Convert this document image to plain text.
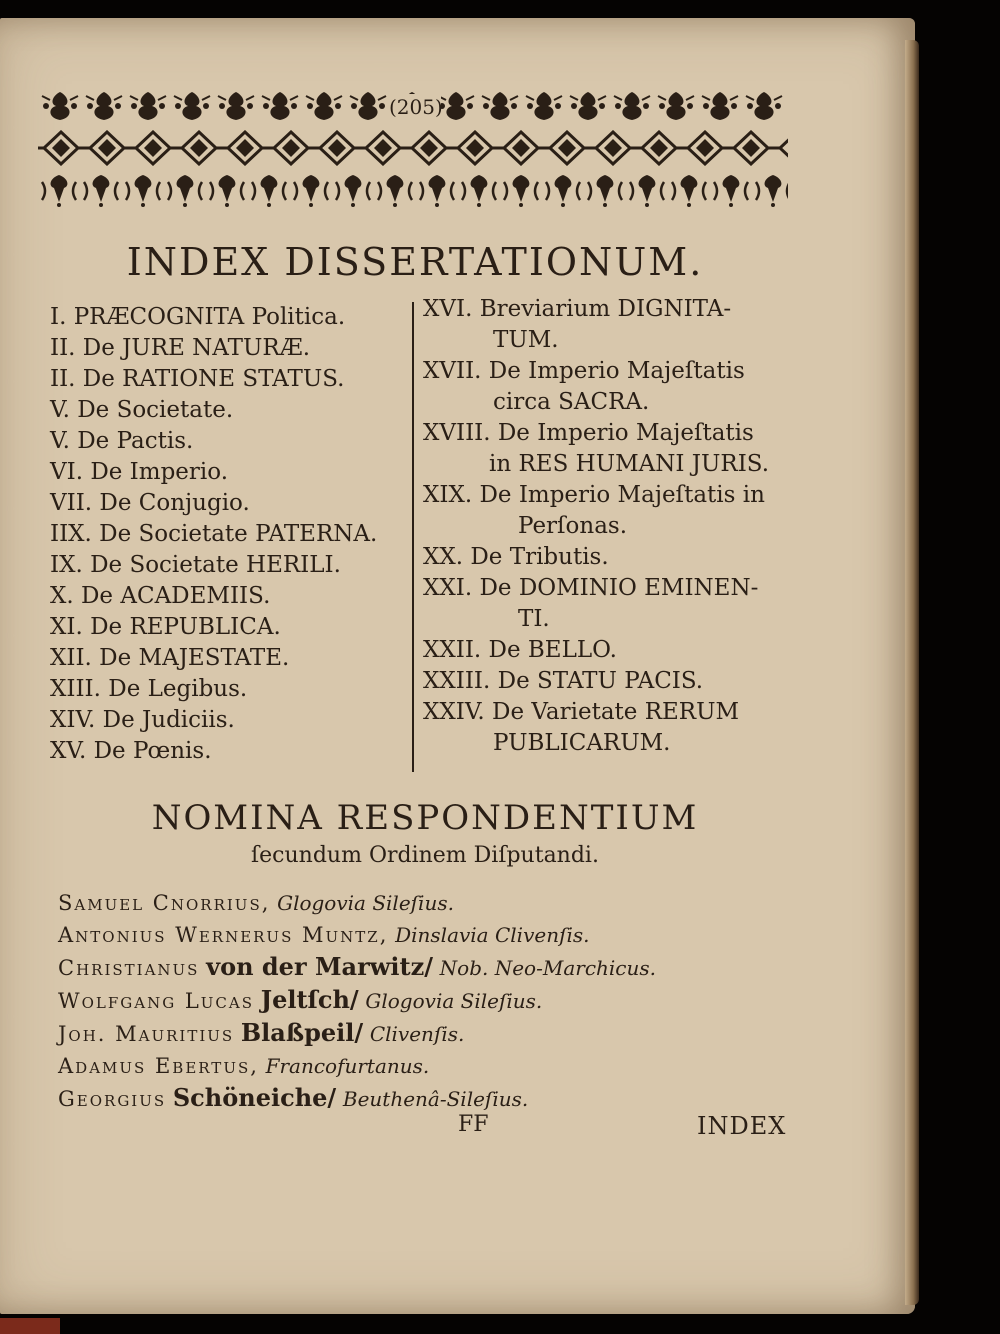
(205)
INDEX DISSERTATIONUM.
I. PRÆCOGNITA Politica.
II. De JURE NATURÆ.
II. De RATIONE STATUS.
V. De Societate.
V. De Pactis.
VI. De Imperio.
VII. De Conjugio.
IIX. De Societate PATERNA.
IX. De Societate HERILI.
X. De ACADEMIIS.
XI. De REPUBLICA.
XII. De MAJESTATE.
XIII. De Legibus.
XIV. De Judiciis.
XV. De Pœnis.
XVI. Breviarium DIGNITA-
TUM.
XVII. De Imperio Majeſtatis
circa SACRA.
XVIII. De Imperio Majeſtatis
in RES HUMANI JURIS.
XIX. De Imperio Majeſtatis in
Perſonas.
XX. De Tributis.
XXI. De DOMINIO EMINEN-
TI.
XXII. De BELLO.
XXIII. De STATU PACIS.
XXIV. De Varietate RERUM
PUBLICARUM.
NOMINA RESPONDENTIUM
ſecundum Ordinem Diſputandi.
Samuel Cnorrius, Glogovia Sileſius.
Antonius Wernerus Muntz, Dinslavia Clivenſis.
Christianus von der Marwitz/ Nob. Neo-Marchicus.
Wolfgang Lucas Jeltſch/ Glogovia Sileſius.
Joh. Mauritius Blaßpeil/ Clivenſis.
Adamus Ebertus, Francofurtanus.
Georgius Schöneiche/ Beuthenâ-Sileſius.
FF	INDEX
